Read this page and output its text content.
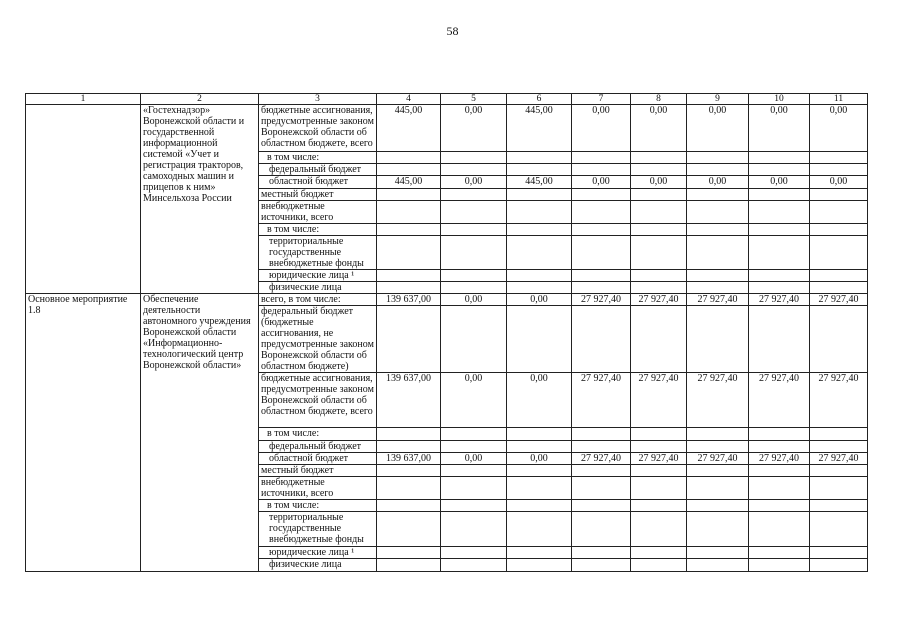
58
1	2	3	4	5	6	7	8	9	10	11
	«Гостехнадзор» Воронежской области и государственной информационной системой «Учет и регистрация тракторов, самоходных машин и прицепов к ним» Минсельхоза России	бюджетные ассигнования, предусмотренные законом Воронежской области об областном бюджете, всего	445,00	0,00	445,00	0,00	0,00	0,00	0,00	0,00
		в том числе:								
		федеральный бюджет								
		областной бюджет	445,00	0,00	445,00	0,00	0,00	0,00	0,00	0,00
		местный бюджет								
		внебюджетные источники, всего								
		в том числе:								
		территориальные государственные внебюджетные фонды								
		юридические лица ¹								
		физические лица								
Основное мероприятие 1.8	Обеспечение деятельности автономного учреждения Воронежской области «Информационно-технологический центр Воронежской области»	всего, в том числе:	139 637,00	0,00	0,00	27 927,40	27 927,40	27 927,40	27 927,40	27 927,40
		федеральный бюджет (бюджетные ассигнования, не предусмотренные законом Воронежской области об областном бюджете)								
		бюджетные ассигнования, предусмотренные законом Воронежской области об областном бюджете, всего	139 637,00	0,00	0,00	27 927,40	27 927,40	27 927,40	27 927,40	27 927,40
		в том числе:								
		федеральный бюджет								
		областной бюджет	139 637,00	0,00	0,00	27 927,40	27 927,40	27 927,40	27 927,40	27 927,40
		местный бюджет								
		внебюджетные источники, всего								
		в том числе:								
		территориальные государственные внебюджетные фонды								
		юридические лица ¹								
		физические лица								
